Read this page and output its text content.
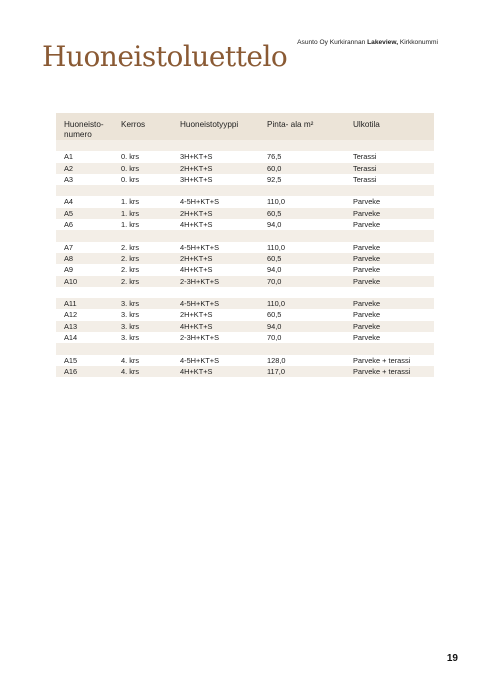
Huoneistoluettelo Asunto Oy Kurkirannan Lakeview, Kirkkonummi
Huoneisto-
numero
Kerros	Huoneistotyyppi	Pinta- ala m²	Ulkotila
A1	0. krs	3H+KT+S	76,5	Terassi
A2	0. krs	2H+KT+S	60,0	Terassi
A3	0. krs	3H+KT+S	92,5	Terassi
A4	1. krs	4-5H+KT+S	110,0	Parveke
A5	1. krs	2H+KT+S	60,5	Parveke
A6	1. krs	4H+KT+S	94,0	Parveke
A7	2. krs	4-5H+KT+S	110,0	Parveke
A8	2. krs	2H+KT+S	60,5	Parveke
A9	2. krs	4H+KT+S	94,0	Parveke
A10	2. krs	2-3H+KT+S	70,0	Parveke
A11	3. krs	4-5H+KT+S	110,0	Parveke
A12	3. krs	2H+KT+S	60,5	Parveke
A13	3. krs	4H+KT+S	94,0	Parveke
A14	3. krs	2-3H+KT+S	70,0	Parveke
A15	4. krs	4-5H+KT+S	128,0	Parveke + terassi
A16	4. krs	4H+KT+S	117,0	Parveke + terassi
19
